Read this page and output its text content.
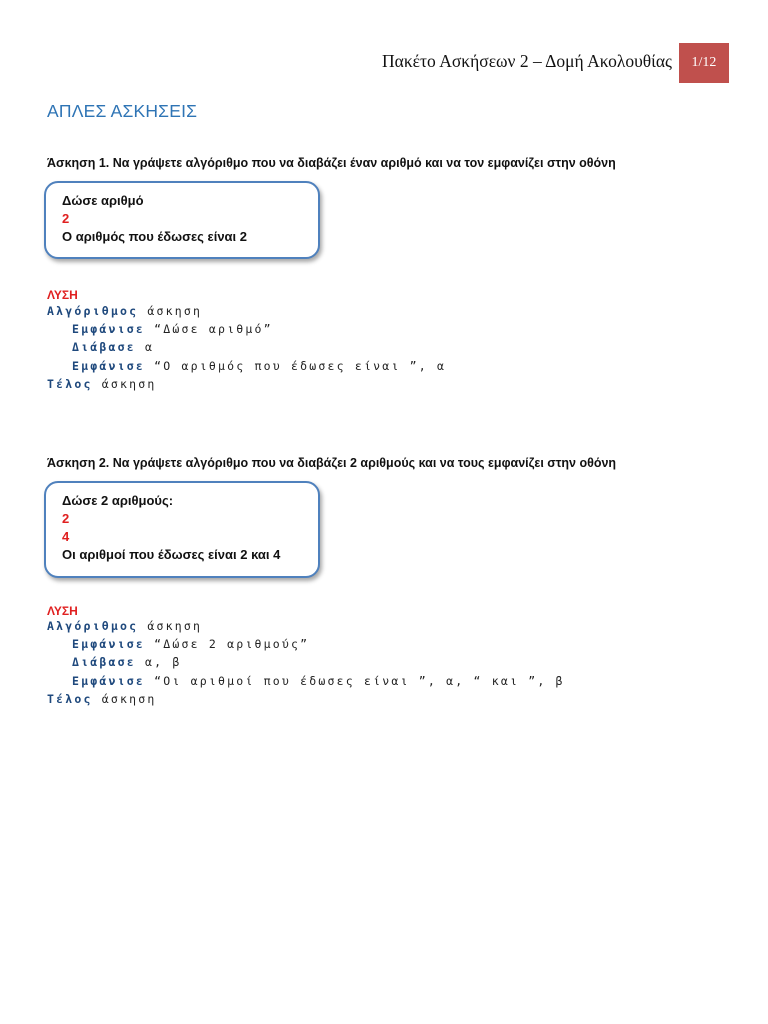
Πακέτο Ασκήσεων 2 – Δομή Ακολουθίας	1/12
ΑΠΛΕΣ ΑΣΚΗΣΕΙΣ
Άσκηση 1. Να γράψετε αλγόριθμο που να διαβάζει έναν αριθμό και να τον εμφανίζει στην οθόνη
Δώσε αριθμό
2
Ο αριθμός που έδωσες είναι 2
ΛΥΣΗ
Αλγόριθμος άσκηση
Εμφάνισε “Δώσε αριθμό”
Διάβασε α
Εμφάνισε “Ο αριθμός που έδωσες είναι ”, α
Τέλος άσκηση
Άσκηση 2. Να γράψετε αλγόριθμο που να διαβάζει 2 αριθμούς και να τους εμφανίζει στην οθόνη
Δώσε 2 αριθμούς:
2
4
Οι αριθμοί που έδωσες είναι 2 και 4
ΛΥΣΗ
Αλγόριθμος άσκηση
Εμφάνισε “Δώσε 2 αριθμούς”
Διάβασε α, β
Εμφάνισε “Οι αριθμοί που έδωσες είναι ”, α, “ και ”, β
Τέλος άσκηση
